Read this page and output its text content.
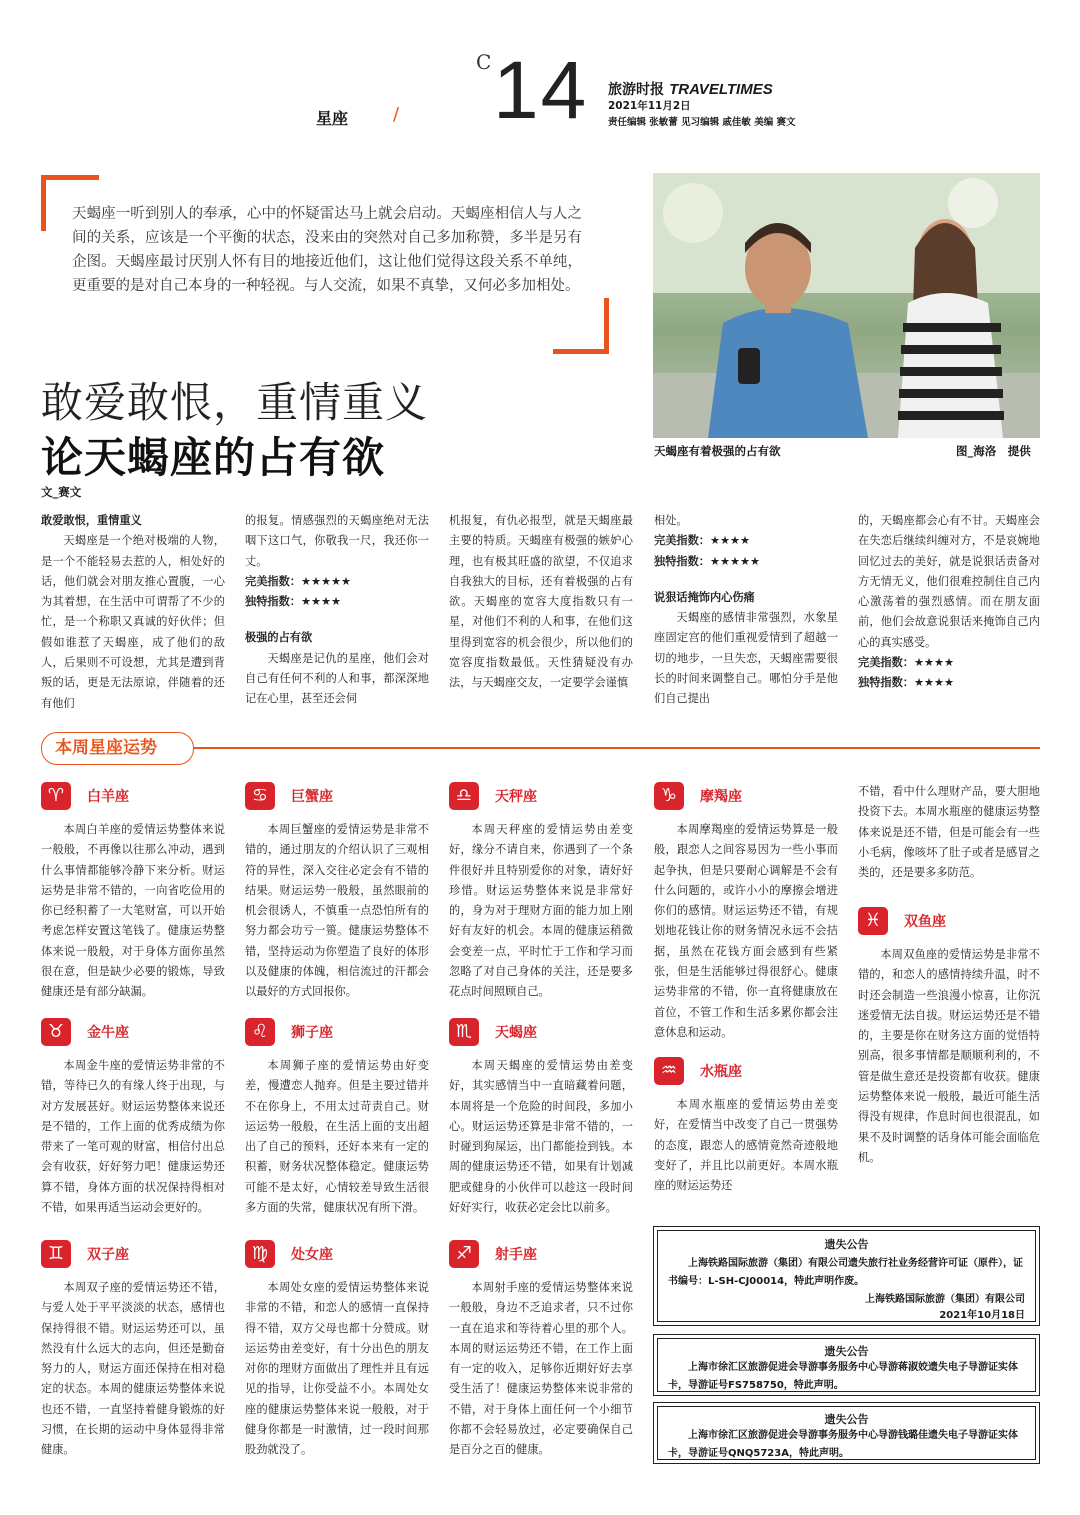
星座 /
C 14 旅游时报 TRAVELTIMES
2021年11月2日
责任编辑 张敏蕾 见习编辑 戚佳敏 美编 赛文
天蝎座一听到别人的奉承，心中的怀疑雷达马上就会启动。天蝎座相信人与人之间的关系，应该是一个平衡的状态，没来由的突然对自己多加称赞，多半是另有企图。天蝎座最讨厌别人怀有目的地接近他们，这让他们觉得这段关系不单纯，更重要的是对自己本身的一种轻视。与人交流，如果不真挚，又何必多加相处。
敢爱敢恨，重情重义
论天蝎座的占有欲
文_赛文
天蝎座有着极强的占有欲	图_海洛　提供
敢爱敢恨，重情重义

天蝎座是一个绝对极端的人物，是一个不能轻易去惹的人，相处好的话，他们就会对朋友推心置腹，一心为其着想，在生活中可谓帮了不少的忙，是一个称职又真诚的好伙伴；但假如谁惹了天蝎座，成了他们的敌人，后果则不可设想，尤其是遭到背叛的话，更是无法原谅，伴随着的还有他们

的报复。情感强烈的天蝎座绝对无法咽下这口气，你敬我一尺，我还你一丈。

完美指数：★★★★★
独特指数：★★★★
极强的占有欲

天蝎座是记仇的星座，他们会对自己有任何不利的人和事，都深深地记在心里，甚至还会伺

机报复，有仇必报型，就是天蝎座最主要的特质。天蝎座有极强的嫉妒心理，也有极其旺盛的欲望，不仅追求自我独大的目标，还有着极强的占有欲。天蝎座的宽容大度指数只有一星，对他们不利的人和事，在他们这里得到宽容的机会很少，所以他们的宽容度指数最低。天性猜疑没有办法，与天蝎座交友，一定要学会谨慎

相处。

完美指数：★★★★
独特指数：★★★★★
说狠话掩饰内心伤痛

天蝎座的感情非常强烈，水象星座固定宫的他们重视爱情到了超越一切的地步，一旦失恋，天蝎座需要很长的时间来调整自己。哪怕分手是他们自己提出

的，天蝎座都会心有不甘。天蝎座会在失恋后继续纠缠对方，不是哀婉地回忆过去的美好，就是说狠话责备对方无情无义，他们很难控制住自己内心激荡着的强烈感情。而在朋友面前，他们会故意说狠话来掩饰自己内心的真实感受。

完美指数：★★★★
独特指数：★★★★
本周星座运势
♈	白羊座
本周白羊座的爱情运势整体来说一般般，不再像以往那么冲动，遇到什么事情都能够冷静下来分析。财运运势是非常不错的，一向省吃俭用的你已经积蓄了一大笔财富，可以开始考虑怎样安置这笔钱了。健康运势整体来说一般般，对于身体方面你虽然很在意，但是缺少必要的锻炼，导致健康还是有部分缺漏。
♉	金牛座
本周金牛座的爱情运势非常的不错，等待已久的有缘人终于出现，与对方发展甚好。财运运势整体来说还是不错的，工作上面的优秀成绩为你带来了一笔可观的财富，相信付出总会有收获，好好努力吧！健康运势还算不错，身体方面的状况保持得相对不错，如果再适当运动会更好的。
♊	双子座
本周双子座的爱情运势还不错，与爱人处于平平淡淡的状态，感情也保持得很不错。财运运势还可以，虽然没有什么远大的志向，但还是勤奋努力的人，财运方面还保持在相对稳定的状态。本周的健康运势整体来说也还不错，一直坚持着健身锻炼的好习惯，在长期的运动中身体显得非常健康。
♋	巨蟹座
本周巨蟹座的爱情运势是非常不错的，通过朋友的介绍认识了三观相符的异性，深入交往必定会有不错的结果。财运运势一般般，虽然眼前的机会很诱人，不慎重一点恐怕所有的努力都会功亏一篑。健康运势整体不错，坚持运动为你塑造了良好的体形以及健康的体魄，相信流过的汗都会以最好的方式回报你。
♌	狮子座
本周狮子座的爱情运势由好变差，慢遭恋人抛弃。但是主要过错并不在你身上，不用太过苛责自己。财运运势一般般，在生活上面的支出超出了自己的预料，还好本来有一定的积蓄，财务状况整体稳定。健康运势可能不是太好，心情较差导致生活很多方面的失常，健康状况有所下滑。
♍	处女座
本周处女座的爱情运势整体来说非常的不错，和恋人的感情一直保持得不错，双方父母也都十分赞成。财运运势由差变好，有十分出色的朋友对你的理财方面做出了理性并且有远见的指导，让你受益不小。本周处女座的健康运势整体来说一般般，对于健身你都是一时激情，过一段时间那股劲就没了。
♎	天秤座
本周天秤座的爱情运势由差变好，缘分不请自来，你遇到了一个条件很好并且特别爱你的对象，请好好珍惜。财运运势整体来说是非常好的，身为对于理财方面的能力加上刚好有友好的机会。本周的健康运稍微会变差一点，平时忙于工作和学习而忽略了对自己身体的关注，还是要多花点时间照顾自己。
♏	天蝎座
本周天蝎座的爱情运势由差变好，其实感情当中一直暗藏着问题，本周将是一个危险的时间段，多加小心。财运运势还算是非常不错的，一时碰到狗屎运，出门都能捡到钱。本周的健康运势还不错，如果有计划减肥或健身的小伙伴可以趁这一段时间好好实行，收获必定会比以前多。
♐	射手座
本周射手座的爱情运势整体来说一般般，身边不乏追求者，只不过你一直在追求和等待着心里的那个人。本周的财运运势还不错，在工作上面有一定的收入，足够你近期好好去享受生活了！健康运势整体来说非常的不错，对于身体上面任何一个小细节你都不会轻易放过，必定要确保自己是百分之百的健康。
♑	摩羯座
本周摩羯座的爱情运势算是一般般，跟恋人之间容易因为一些小事而起争执，但是只要耐心调解是不会有什么问题的，或许小小的摩擦会增进你们的感情。财运运势还不错，有规划地花钱让你的财务情况永远不会拮据，虽然在花钱方面会感到有些紧张，但是生活能够过得很舒心。健康运势非常的不错，你一直将健康放在首位，不管工作和生活多累你都会注意休息和运动。
♒	水瓶座
本周水瓶座的爱情运势由差变好，在爱情当中改变了自己一贯强势的态度，跟恋人的感情竟然奇迹般地变好了，并且比以前更好。本周水瓶座的财运运势还
不错，看中什么理财产品，要大胆地投资下去。本周水瓶座的健康运势整体来说是还不错，但是可能会有一些小毛病，像咳坏了肚子或者是感冒之类的，还是要多多防范。
♓	双鱼座
本周双鱼座的爱情运势是非常不错的，和恋人的感情持续升温，时不时还会制造一些浪漫小惊喜，让你沉迷爱情无法自拔。财运运势还是不错的，主要是你在财务这方面的觉悟特别高，很多事情都是顺顺利利的，不管是做生意还是投资都有收获。健康运势整体来说一般般，最近可能生活得没有规律，作息时间也很混乱，如果不及时调整的话身体可能会面临危机。
遗失公告
上海铁路国际旅游（集团）有限公司遗失旅行社业务经营许可证（原件），证书编号：L-SH-CJ00014，特此声明作废。
上海铁路国际旅游（集团）有限公司
2021年10月18日
遗失公告
上海市徐汇区旅游促进会导游事务服务中心导游蒋淑姣遗失电子导游证实体卡，导游证号FS758750，特此声明。
遗失公告
上海市徐汇区旅游促进会导游事务服务中心导游钱璐佳遗失电子导游证实体卡，导游证号QNQ5723A，特此声明。
